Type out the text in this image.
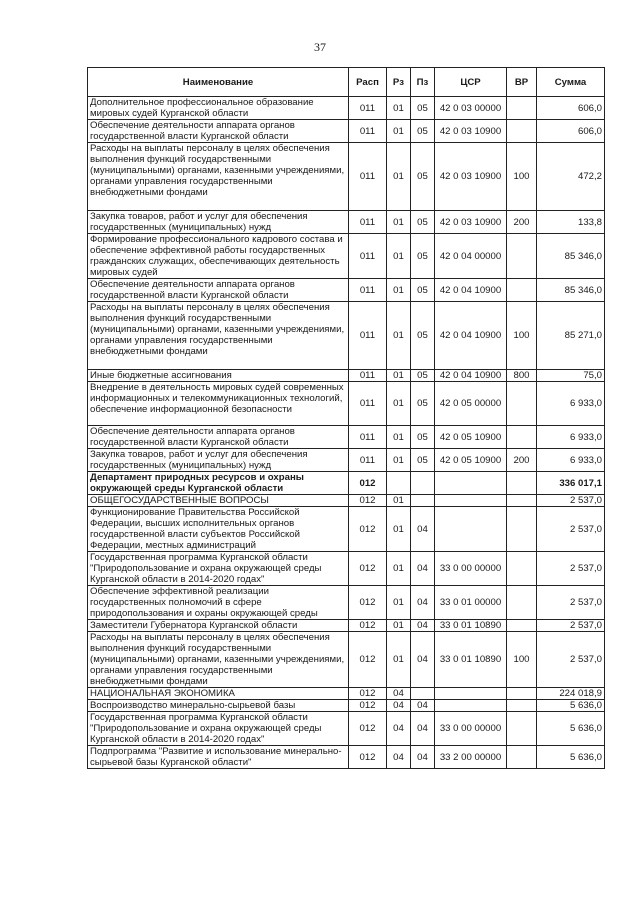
37
Наименование	Расп	Рз	Пз	ЦСР	ВР	Сумма
Дополнительное профессиональное образование мировых судей Курганской области	011	01	05	42 0 03 00000		606,0
Обеспечение деятельности аппарата органов государственной власти Курганской области	011	01	05	42 0 03 10900		606,0
Расходы на выплаты персоналу в целях обеспечения выполнения функций государственными (муниципальными) органами, казенными учреждениями, органами управления государственными внебюджетными фондами	011	01	05	42 0 03 10900	100	472,2
Закупка товаров, работ и услуг для обеспечения государственных (муниципальных) нужд	011	01	05	42 0 03 10900	200	133,8
Формирование профессионального кадрового состава и обеспечение эффективной работы государственных гражданских служащих, обеспечивающих деятельность мировых судей	011	01	05	42 0 04 00000		85 346,0
Обеспечение деятельности аппарата органов государственной власти Курганской области	011	01	05	42 0 04 10900		85 346,0
Расходы на выплаты персоналу в целях обеспечения выполнения функций государственными (муниципальными) органами, казенными учреждениями, органами управления государственными внебюджетными фондами	011	01	05	42 0 04 10900	100	85 271,0
Иные бюджетные ассигнования	011	01	05	42 0 04 10900	800	75,0
Внедрение в деятельность мировых судей современных информационных и телекоммуникационных технологий, обеспечение информационной безопасности	011	01	05	42 0 05 00000		6 933,0
Обеспечение деятельности аппарата органов государственной власти Курганской области	011	01	05	42 0 05 10900		6 933,0
Закупка товаров, работ и услуг для обеспечения государственных (муниципальных) нужд	011	01	05	42 0 05 10900	200	6 933,0
Департамент природных ресурсов и охраны окружающей среды Курганской области	012					336 017,1
ОБЩЕГОСУДАРСТВЕННЫЕ ВОПРОСЫ	012	01				2 537,0
Функционирование Правительства Российской Федерации, высших исполнительных органов государственной власти субъектов Российской Федерации, местных администраций	012	01	04			2 537,0
Государственная программа Курганской области "Природопользование и охрана окружающей среды Курганской области в 2014-2020 годах"	012	01	04	33 0 00 00000		2 537,0
Обеспечение эффективной реализации государственных полномочий в сфере природопользования и охраны окружающей среды	012	01	04	33 0 01 00000		2 537,0
Заместители Губернатора Курганской области	012	01	04	33 0 01 10890		2 537,0
Расходы на выплаты персоналу в целях обеспечения выполнения функций государственными (муниципальными) органами, казенными учреждениями, органами управления государственными внебюджетными фондами	012	01	04	33 0 01 10890	100	2 537,0
НАЦИОНАЛЬНАЯ ЭКОНОМИКА	012	04				224 018,9
Воспроизводство минерально-сырьевой базы	012	04	04			5 636,0
Государственная программа Курганской области "Природопользование и охрана окружающей среды Курганской области в 2014-2020 годах"	012	04	04	33 0 00 00000		5 636,0
Подпрограмма "Развитие и использование минерально-сырьевой базы Курганской области"	012	04	04	33 2 00 00000		5 636,0
